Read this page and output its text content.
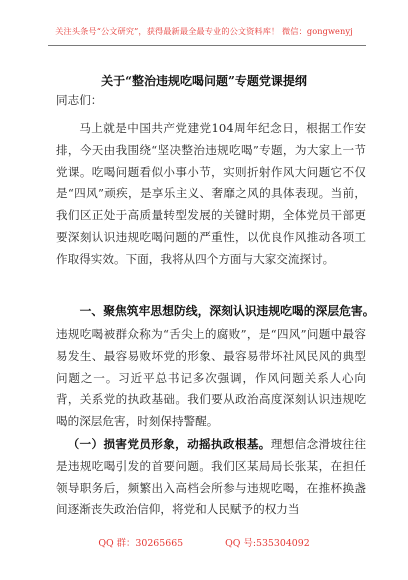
关注头条号“公文研究”，获得最新最全最专业的公文资料库！ 微信：gongwenyj
关于“整治违规吃喝问题”专题党课提纲
同志们：
马上就是中国共产党建党104周年纪念日，根据工作安排，今天由我围绕“坚决整治违规吃喝”专题，为大家上一节党课。吃喝问题看似小事小节，实则折射作风大问题它不仅是“四风”顽疾，是享乐主义、奢靡之风的具体表现。当前，我们区正处于高质量转型发展的关键时期，全体党员干部更要深刻认识违规吃喝问题的严重性，以优良作风推动各项工作取得实效。下面，我将从四个方面与大家交流探讨。
一、聚焦筑牢思想防线，深刻认识违规吃喝的深层危害。
违规吃喝被群众称为“舌尖上的腐败”，是“四风”问题中最容易发生、最容易败坏党的形象、最容易带坏社风民风的典型问题之一。习近平总书记多次强调，作风问题关系人心向背，关系党的执政基础。我们要从政治高度深刻认识违规吃喝的深层危害，时刻保持警醒。
（一）损害党员形象，动摇执政根基。理想信念滑坡往往是违规吃喝引发的首要问题。我们区某局局长张某，在担任领导职务后，频繁出入高档会所参与违规吃喝，在推杯换盏间逐渐丧失政治信仰，将党和人民赋予的权力当
QQ 群：30265665	QQ 号:535304092
